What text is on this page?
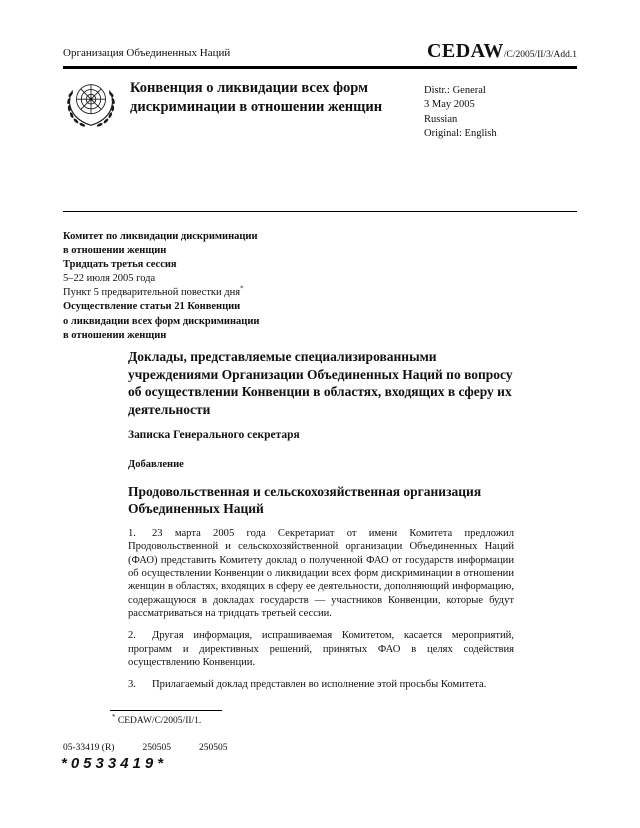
Организация Объединенных Наций	CEDAW/C/2005/II/3/Add.1
Конвенция о ликвидации всех форм дискриминации в отношении женщин
Distr.: General
3 May 2005
Russian
Original: English
Комитет по ликвидации дискриминации
в отношении женщин
Тридцать третья сессия
5–22 июля 2005 года
Пункт 5 предварительной повестки дня*
Осуществление статьи 21 Конвенции
о ликвидации всех форм дискриминации
в отношении женщин
Доклады, представляемые специализированными учреждениями Организации Объединенных Наций по вопросу об осуществлении Конвенции в областях, входящих в сферу их деятельности
Записка Генерального секретаря
Добавление
Продовольственная и сельскохозяйственная организация Объединенных Наций
1. 23 марта 2005 года Секретариат от имени Комитета предложил Продовольственной и сельскохозяйственной организации Объединенных Наций (ФАО) представить Комитету доклад о полученной ФАО от государств информации об осуществлении Конвенции о ликвидации всех форм дискриминации в отношении женщин в областях, входящих в сферу ее деятельности, дополняющий информацию, содержащуюся в докладах государств — участников Конвенции, которые будут рассматриваться на тридцать третьей сессии.
2. Другая информация, испрашиваемая Комитетом, касается мероприятий, программ и директивных решений, принятых ФАО в целях содействия осуществлению Конвенции.
3. Прилагаемый доклад представлен во исполнение этой просьбы Комитета.
* CEDAW/C/2005/II/1.
05-33419 (R)	250505	250505
*0533419*
